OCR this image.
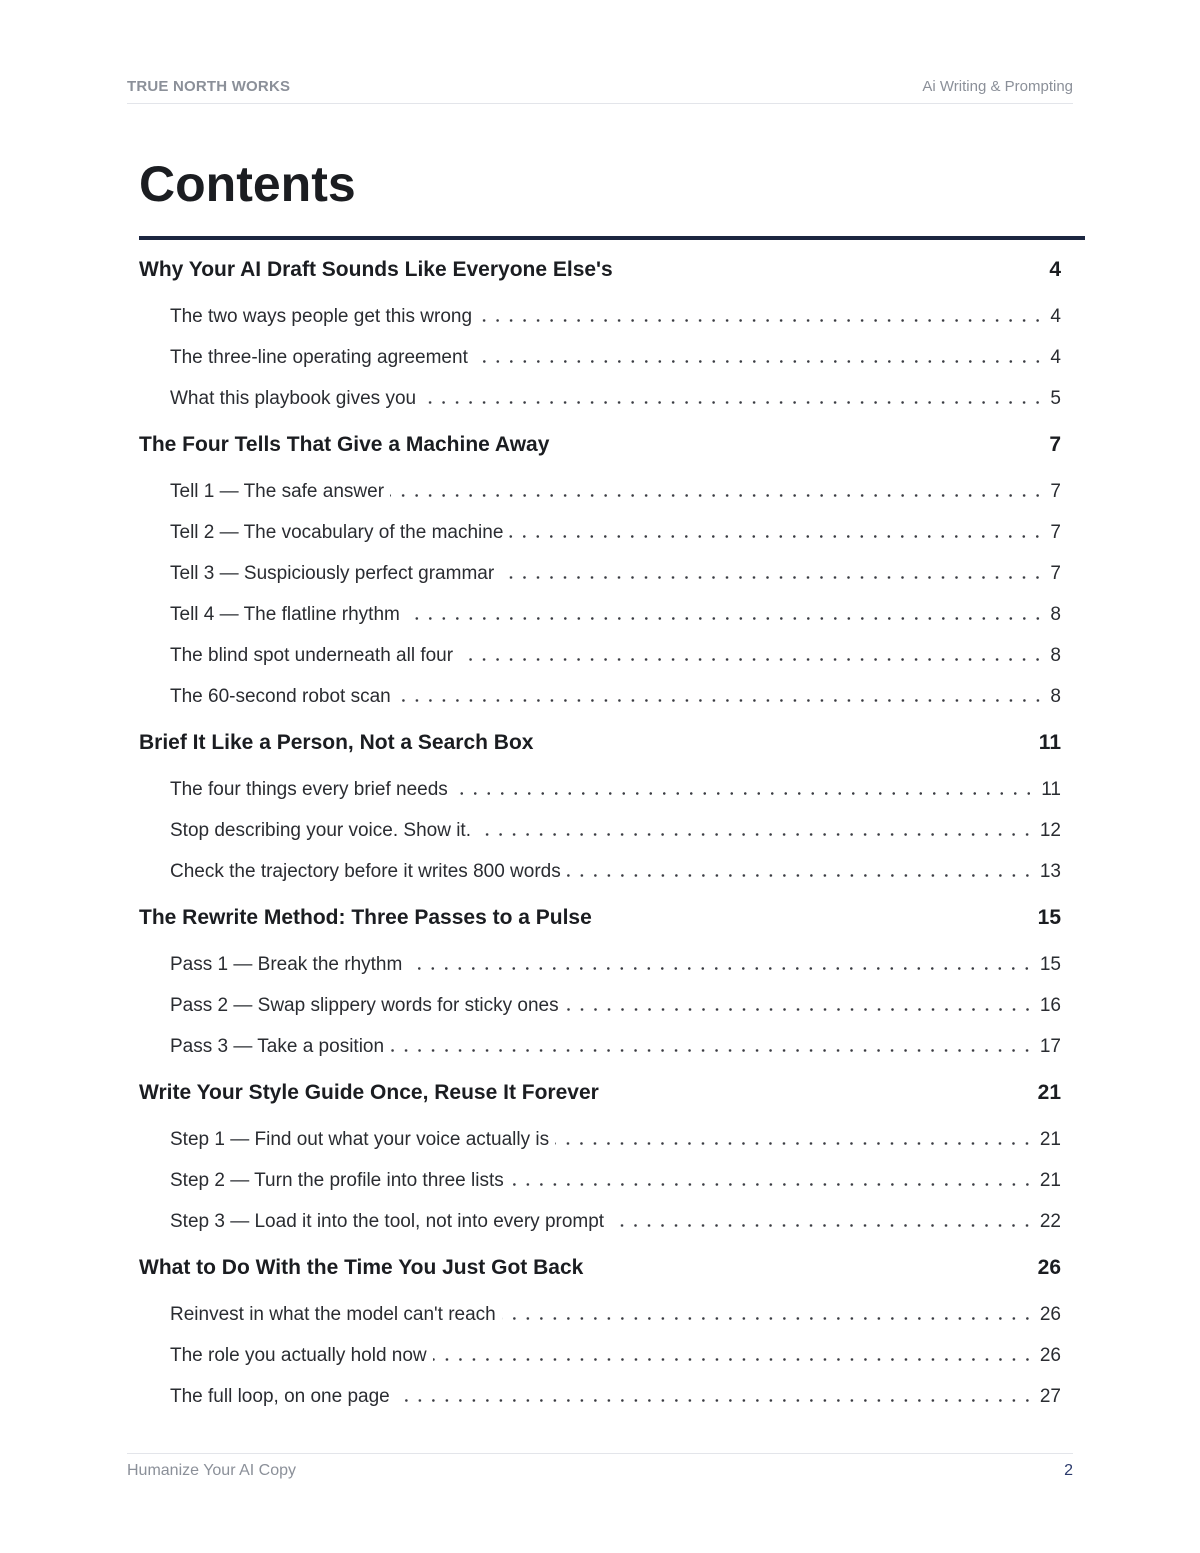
TRUE NORTH WORKS	Ai Writing & Prompting
Contents
Why Your AI Draft Sounds Like Everyone Else's	4
The two ways people get this wrong	4
The three-line operating agreement	4
What this playbook gives you	5
The Four Tells That Give a Machine Away	7
Tell 1 — The safe answer	7
Tell 2 — The vocabulary of the machine	7
Tell 3 — Suspiciously perfect grammar	7
Tell 4 — The flatline rhythm	8
The blind spot underneath all four	8
The 60-second robot scan	8
Brief It Like a Person, Not a Search Box	11
The four things every brief needs	11
Stop describing your voice. Show it.	12
Check the trajectory before it writes 800 words	13
The Rewrite Method: Three Passes to a Pulse	15
Pass 1 — Break the rhythm	15
Pass 2 — Swap slippery words for sticky ones	16
Pass 3 — Take a position	17
Write Your Style Guide Once, Reuse It Forever	21
Step 1 — Find out what your voice actually is	21
Step 2 — Turn the profile into three lists	21
Step 3 — Load it into the tool, not into every prompt	22
What to Do With the Time You Just Got Back	26
Reinvest in what the model can't reach	26
The role you actually hold now	26
The full loop, on one page	27
Humanize Your AI Copy	2
